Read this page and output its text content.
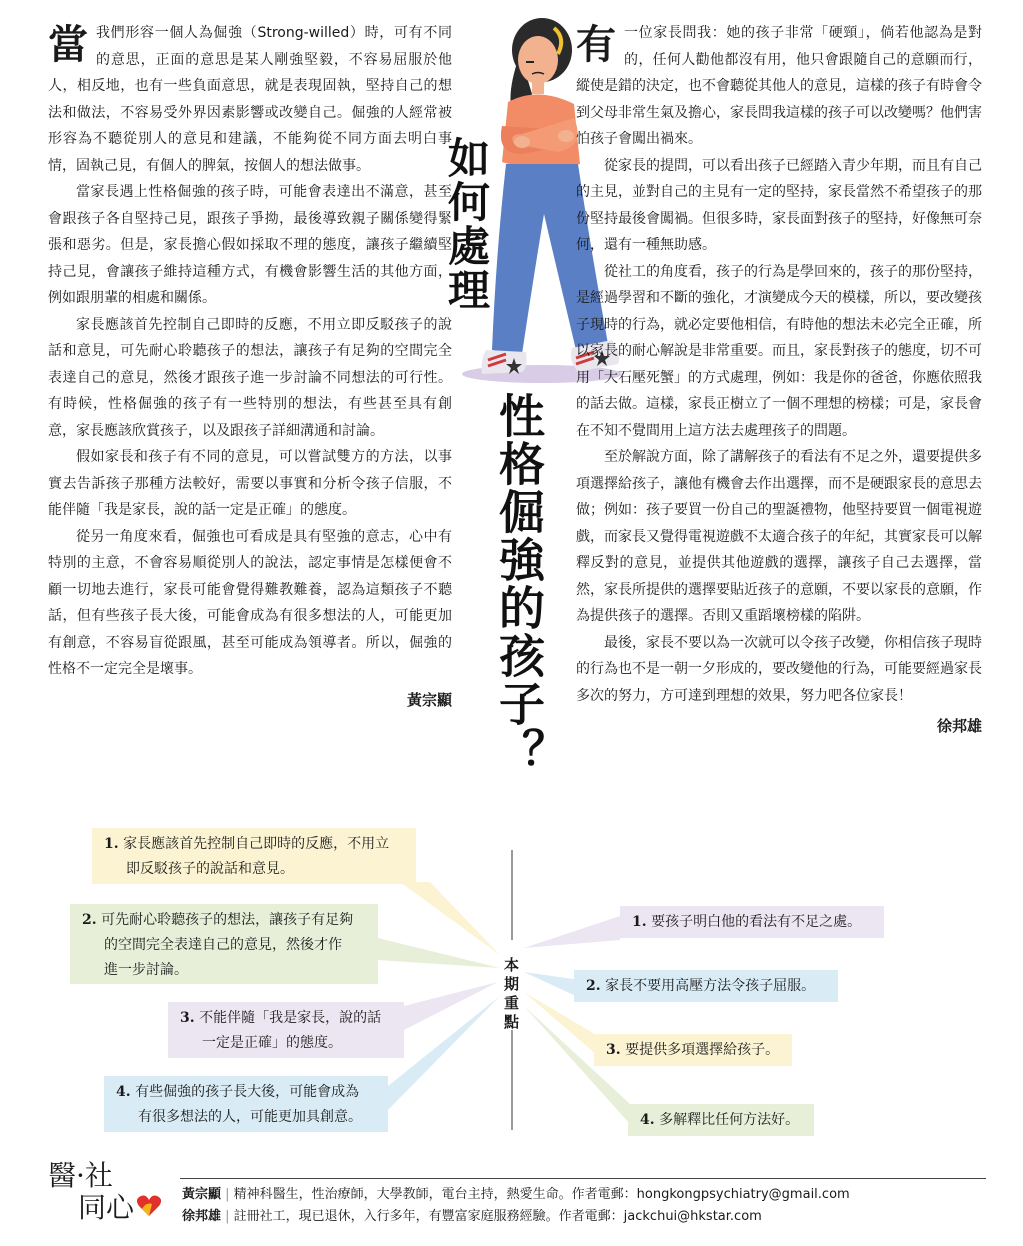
當我們形容一個人為倔強（Strong-willed）時，可有不同的意思，正面的意思是某人剛強堅毅，不容易屈服於他人，相反地，也有一些負面意思，就是表現固執，堅持自己的想法和做法，不容易受外界因素影響或改變自己。倔強的人經常被形容為不聽從別人的意見和建議，不能夠從不同方面去明白事情，固執己見，有個人的脾氣，按個人的想法做事。

當家長遇上性格倔強的孩子時，可能會表達出不滿意，甚至會跟孩子各自堅持己見，跟孩子爭拗，最後導致親子關係變得緊張和惡劣。但是，家長擔心假如採取不理的態度，讓孩子繼續堅持己見，會讓孩子維持這種方式，有機會影響生活的其他方面，例如跟朋輩的相處和關係。

家長應該首先控制自己即時的反應，不用立即反駁孩子的說話和意見，可先耐心聆聽孩子的想法，讓孩子有足夠的空間完全表達自己的意見，然後才跟孩子進一步討論不同想法的可行性。有時候，性格倔強的孩子有一些特別的想法，有些甚至具有創意，家長應該欣賞孩子，以及跟孩子詳細溝通和討論。

假如家長和孩子有不同的意見，可以嘗試雙方的方法，以事實去告訴孩子那種方法較好，需要以事實和分析令孩子信服，不能伴隨「我是家長，說的話一定是正確」的態度。

從另一角度來看，倔強也可看成是具有堅強的意志，心中有特別的主意，不會容易順從別人的說法，認定事情是怎樣便會不顧一切地去進行，家長可能會覺得難教難養，認為這類孩子不聽話，但有些孩子長大後，可能會成為有很多想法的人，可能更加有創意，不容易盲從跟風，甚至可能成為領導者。所以，倔強的性格不一定完全是壞事。

黃宗顯
如何處理
性格倔強的孩子？

有一位家長問我：她的孩子非常「硬頸」，倘若他認為是對的，任何人勸他都沒有用，他只會跟隨自己的意願而行，縱使是錯的決定，也不會聽從其他人的意見，這樣的孩子有時會令到父母非常生氣及擔心，家長問我這樣的孩子可以改變嗎？他們害怕孩子會闖出禍來。

從家長的提問，可以看出孩子已經踏入青少年期，而且有自己的主見，並對自己的主見有一定的堅持，家長當然不希望孩子的那份堅持最後會闖禍。但很多時，家長面對孩子的堅持，好像無可奈何，還有一種無助感。

從社工的角度看，孩子的行為是學回來的，孩子的那份堅持，是經過學習和不斷的強化，才演變成今天的模樣，所以，要改變孩子現時的行為，就必定要他相信，有時他的想法未必完全正確，所以家長的耐心解說是非常重要。而且，家長對孩子的態度，切不可用「大石壓死蟹」的方式處理，例如：我是你的爸爸，你應依照我的話去做。這樣，家長正樹立了一個不理想的榜樣；可是，家長會在不知不覺間用上這方法去處理孩子的問題。

至於解說方面，除了講解孩子的看法有不足之外，還要提供多項選擇給孩子，讓他有機會去作出選擇，而不是硬跟家長的意思去做；例如：孩子要買一份自己的聖誕禮物，他堅持要買一個電視遊戲，而家長又覺得電視遊戲不太適合孩子的年紀，其實家長可以解釋反對的意見，並提供其他遊戲的選擇，讓孩子自己去選擇，當然，家長所提供的選擇要貼近孩子的意願，不要以家長的意願，作為提供孩子的選擇。否則又重蹈壞榜樣的陷阱。

最後，家長不要以為一次就可以令孩子改變，你相信孩子現時的行為也不是一朝一夕形成的，要改變他的行為，可能要經過家長多次的努力，方可達到理想的效果，努力吧各位家長！

徐邦雄
本期重點
1. 家長應該首先控制自己即時的反應，不用立
即反駁孩子的說話和意見。
2. 可先耐心聆聽孩子的想法，讓孩子有足夠
的空間完全表達自己的意見，然後才作
進一步討論。
3. 不能伴隨「我是家長，說的話
一定是正確」的態度。
4. 有些倔強的孩子長大後，可能會成為
有很多想法的人，可能更加具創意。
1. 要孩子明白他的看法有不足之處。
2. 家長不要用高壓方法令孩子屈服。
3. 要提供多項選擇給孩子。
4. 多解釋比任何方法好。
醫·社
同心	黃宗顯 | 精神科醫生，性治療師，大學教師，電台主持，熱愛生命。作者電郵：hongkongpsychiatry@gmail.com
徐邦雄 | 註冊社工，現已退休，入行多年，有豐富家庭服務經驗。作者電郵：jackchui@hkstar.com
